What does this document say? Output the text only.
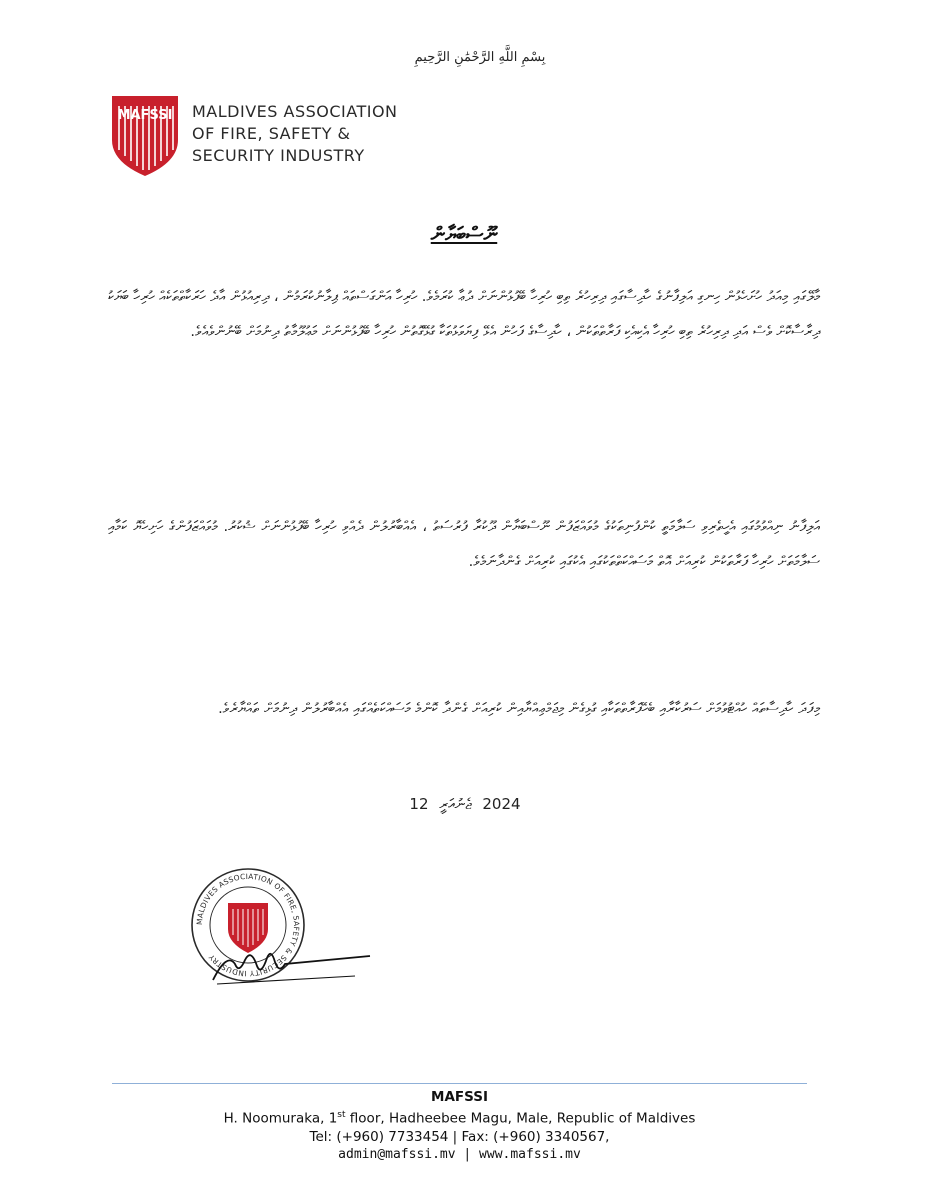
بِسْمِ اللَّهِ الرَّحْمَٰنِ الرَّحِيمِ
MAFSSI MALDIVES ASSOCIATION
OF FIRE, SAFETY &
SECURITY INDUSTRY
ނޫސްބަޔާން
މާލޭގައި މިއަދު ހުށަހެޅުން ހިނގި އަލިފާނުގެ ހާދިސާގައި ދިރިހުރެ ތިބި ހުރިހާ ބޭފުޅުންނަށް ދުޢާ ކުރަމެވެ. ހުރިހާ އަންގަސްތައް ޕިލާނުކުރަމުން ، ދިރިއުޅުން އާދެ ހަރަކާތްތަކެއް ހުރިހާ ބަޔަކު ދިރާސާކޮށް ވެސް އަދި ދިރިހުރެ ތިބި ހުރިހާ އެކިއެކި ފަރާތްތަކުން ، ހާދިސާގެ ފަހުން އެޅޭ ފިޔަވަޅުތަކާ ގުޅޭގޮތުން ހުރިހާ ބޭފުޅުންނަށް މަޢުލޫމާތު ދިނުމަށް ބޭނުންވެއެވެ.
އަލިފާނު ނިއްވުމުގައި އެހީތެރިވި ސަލާމަތީ ކުންފުނިތަކުގެ މުވައްޒަފުން ނޫސްބަޔާން ދޫކުރާ ފުރުސަތު ، އެއްބާރުލުން ދެއްވި ހުރިހާ ބޭފުޅުންނަށް ޝުކުރު. މުވައްޒަފުންގެ ހަށިހެޔޮ ކަމާއި ސަލާމަތަށް ހުރިހާ ފަރާތަކުން ކުރިއަށް އޮތް މަސައްކަތްތަކުގައި އެކުގައި ކުރިއަށް ގެންދާނަމެވެ.
މިފަދަ ހާދިސާތައް ހުއްޓުވުމަށް ސަރުކާރާއި ބެހޭފަރާތްތަކާއި ގުޅިގެން މިޖަމްޢިއްޔާއިން ކުރިއަށް ގެންދާ ކޮންމެ މަސައްކަތެއްގައި އެއްބާރުލުން ދިނުމަށް ތައްޔާރެވެ.
12 ޖެނުއަރީ 2024
MALDIVES ASSOCIATION OF FIRE, SAFETY & SECURITY INDUSTRY
MAFSSI
H. Noomuraka, 1st floor, Hadheebee Magu, Male, Republic of Maldives
Tel: (+960) 7733454 | Fax: (+960) 3340567,
admin@mafssi.mv | www.mafssi.mv
